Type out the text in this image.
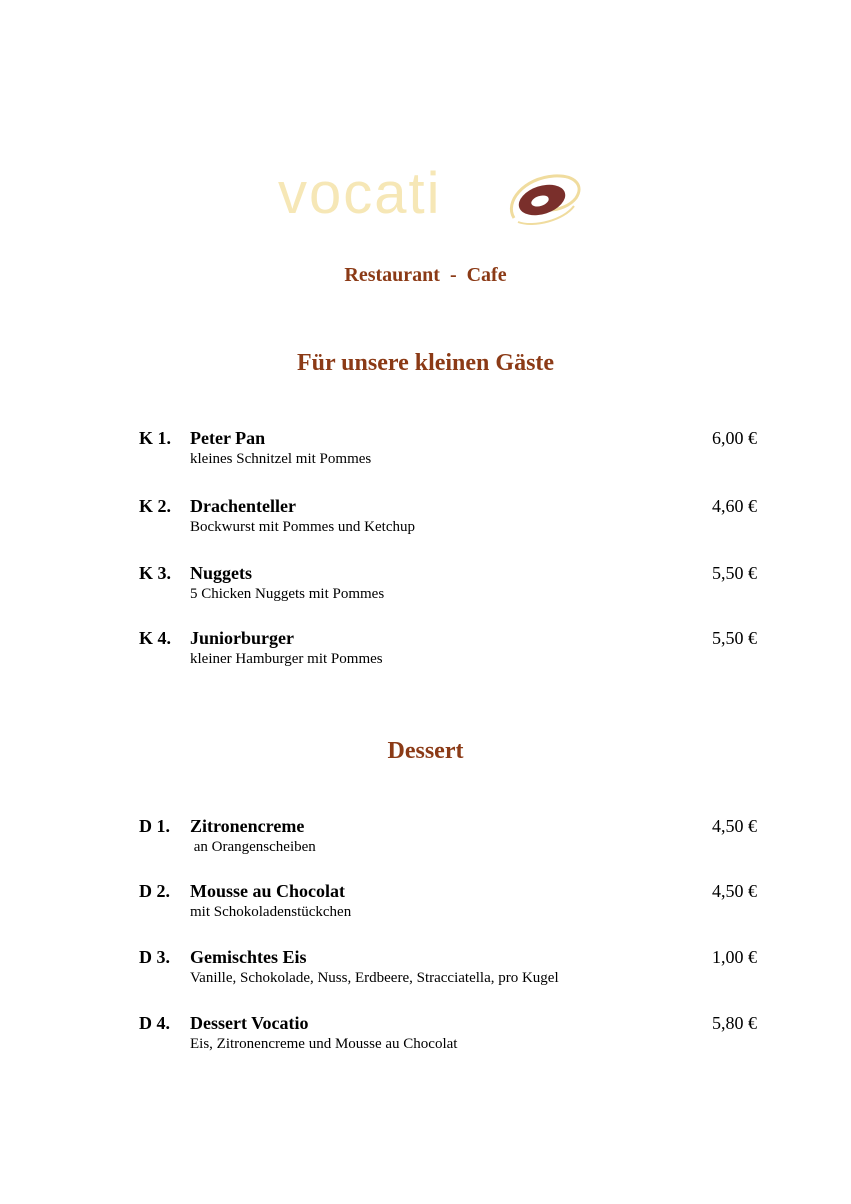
vocati
Restaurant  -  Cafe
Für unsere kleinen Gäste
K 1. Peter Pan
kleines Schnitzel mit Pommes
6,00 €
K 2. Drachenteller
Bockwurst mit Pommes und Ketchup
4,60 €
K 3. Nuggets
5 Chicken Nuggets mit Pommes
5,50 €
K 4. Juniorburger
kleiner Hamburger mit Pommes
5,50 €
Dessert
D 1. Zitronencreme
an Orangenscheiben
4,50 €
D 2. Mousse au Chocolat
mit Schokoladenstückchen
4,50 €
D 3. Gemischtes Eis
Vanille, Schokolade, Nuss, Erdbeere, Stracciatella, pro Kugel
1,00 €
D 4. Dessert Vocatio
Eis, Zitronencreme und Mousse au Chocolat
5,80 €
